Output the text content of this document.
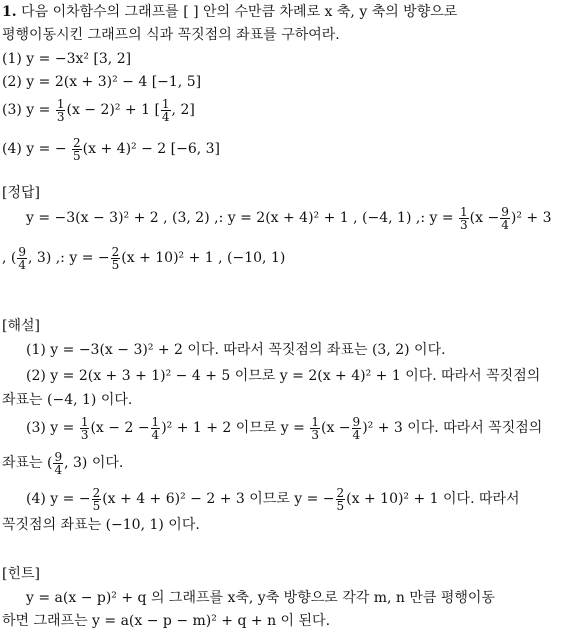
1. 다음 이차함수의 그래프를 [ ] 안의 수만큼 차례로 x 축, y 축의 방향으로
평행이동시킨 그래프의 식과 꼭짓점의 좌표를 구하여라.
(1) y = −3x² [3, 2]
(2) y = 2(x + 3)² − 4 [−1, 5]
(3) $y = \frac{1}{3} (x - 2)^2 + 1$ [ $\frac{1}{4}$ , 2]
(4) y = − $\frac{2}{5} (x + 4)^2 - 2$ [−6, 3]
[정답]
y = −3(x − 3)² + 2 , (3, 2) ,: y = 2(x + 4)² + 1 , (−4, 1) ,: $y = \frac{1}{3} (x - \frac{9}{4} )^2 + 3$
, ( $\frac{9}{4}$ , 3) ,: y = − $\frac{2}{5} (x + 10)^2 + 1$ , (−10, 1)
[해설]
(1) y = −3(x − 3)² + 2 이다. 따라서 꼭짓점의 좌표는 (3, 2) 이다.
(2) y = 2(x + 3 + 1)² − 4 + 5 이므로 y = 2(x + 4)² + 1 이다. 따라서 꼭짓점의
좌표는 (−4, 1) 이다.
(3) $y = \frac{1}{3} (x - 2 - \frac{1}{4} )^2 + 1 + 2$ 이므로 $y = \frac{1}{3} (x - \frac{9}{4} )^2 + 3$ 이다. 따라서 꼭짓점의
좌표는 ( $\frac{9}{4}$ , 3) 이다.
(4) y = − $\frac{2}{5} (x + 4 + 6)^2 - 2 + 3$ 이므로 y = − $\frac{2}{5} (x + 10)^2 + 1$ 이다. 따라서
꼭짓점의 좌표는 (−10, 1) 이다.
[힌트]
y = a(x − p)² + q 의 그래프를 x축, y축 방향으로 각각 m, n 만큼 평행이동
하면 그래프는 y = a(x − p − m)² + q + n 이 된다.
